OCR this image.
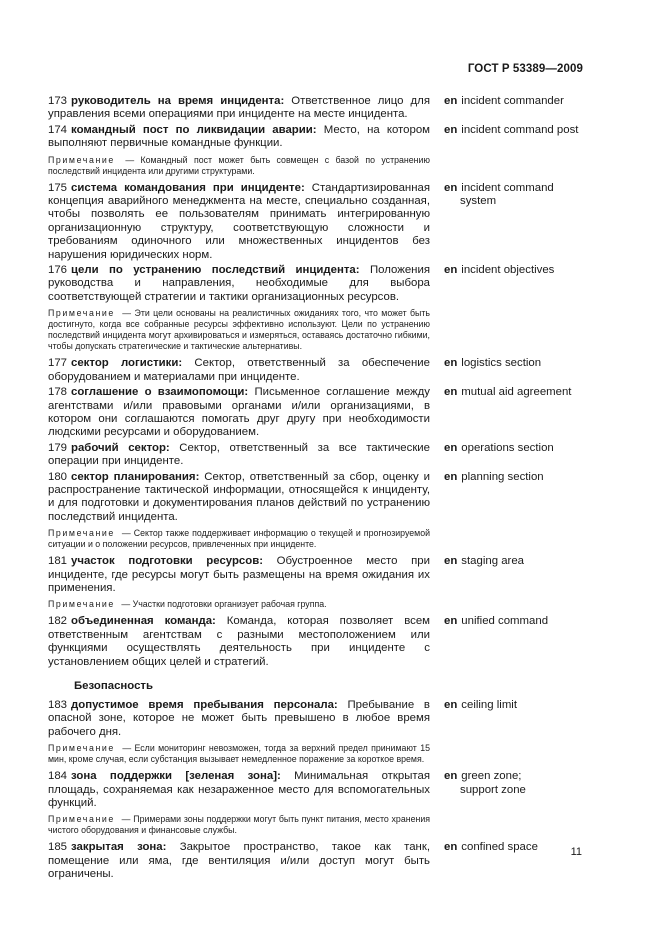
ГОСТ Р 53389—2009
173 руководитель на время инцидента: Ответственное лицо для управления всеми операциями при инциденте на месте инцидента.
en incident commander
174 командный пост по ликвидации аварии: Место, на котором выполняют первичные командные функции.
en incident command post
Примечание — Командный пост может быть совмещен с базой по устранению последствий инцидента или другими структурами.
175 система командования при инциденте: Стандартизированная концепция аварийного менеджмента на месте, специально созданная, чтобы позволять ее пользователям принимать интегрированную организационную структуру, соответствующую сложности и требованиям одиночного или множественных инцидентов без нарушения юридических норм.
en incident command
system
176 цели по устранению последствий инцидента: Положения руководства и направления, необходимые для выбора соответствующей стратегии и тактики организационных ресурсов.
en incident objectives
Примечание — Эти цели основаны на реалистичных ожиданиях того, что может быть достигнуто, когда все собранные ресурсы эффективно используют. Цели по устранению последствий инцидента могут архивироваться и измеряться, оставаясь достаточно гибкими, чтобы допускать стратегические и тактические альтернативы.
177 сектор логистики: Сектор, ответственный за обеспечение оборудованием и материалами при инциденте.
en logistics section
178 соглашение о взаимопомощи: Письменное соглашение между агентствами и/или правовыми органами и/или организациями, в котором они соглашаются помогать друг другу при необходимости людскими ресурсами и оборудованием.
en mutual aid agreement
179 рабочий сектор: Сектор, ответственный за все тактические операции при инциденте.
en operations section
180 сектор планирования: Сектор, ответственный за сбор, оценку и распространение тактической информации, относящейся к инциденту, и для подготовки и документирования планов действий по устранению последствий инцидента.
en planning section
Примечание — Сектор также поддерживает информацию о текущей и прогнозируемой ситуации и о положении ресурсов, привлеченных при инциденте.
181 участок подготовки ресурсов: Обустроенное место при инциденте, где ресурсы могут быть размещены на время ожидания их применения.
en staging area
Примечание — Участки подготовки организует рабочая группа.
182 объединенная команда: Команда, которая позволяет всем ответственным агентствам с разными местоположением или функциями осуществлять деятельность при инциденте с установлением общих целей и стратегий.
en unified command
Безопасность
183 допустимое время пребывания персонала: Пребывание в опасной зоне, которое не может быть превышено в любое время рабочего дня.
en ceiling limit
Примечание — Если мониторинг невозможен, тогда за верхний предел принимают 15 мин, кроме случая, если субстанция вызывает немедленное поражение за короткое время.
184 зона поддержки [зеленая зона]: Минимальная открытая площадь, сохраняемая как незараженное место для вспомогательных функций.
en green zone;
support zone
Примечание — Примерами зоны поддержки могут быть пункт питания, место хранения чистого оборудования и финансовые службы.
185 закрытая зона: Закрытое пространство, такое как танк, помещение или яма, где вентиляция и/или доступ могут быть ограничены.
en confined space	11
